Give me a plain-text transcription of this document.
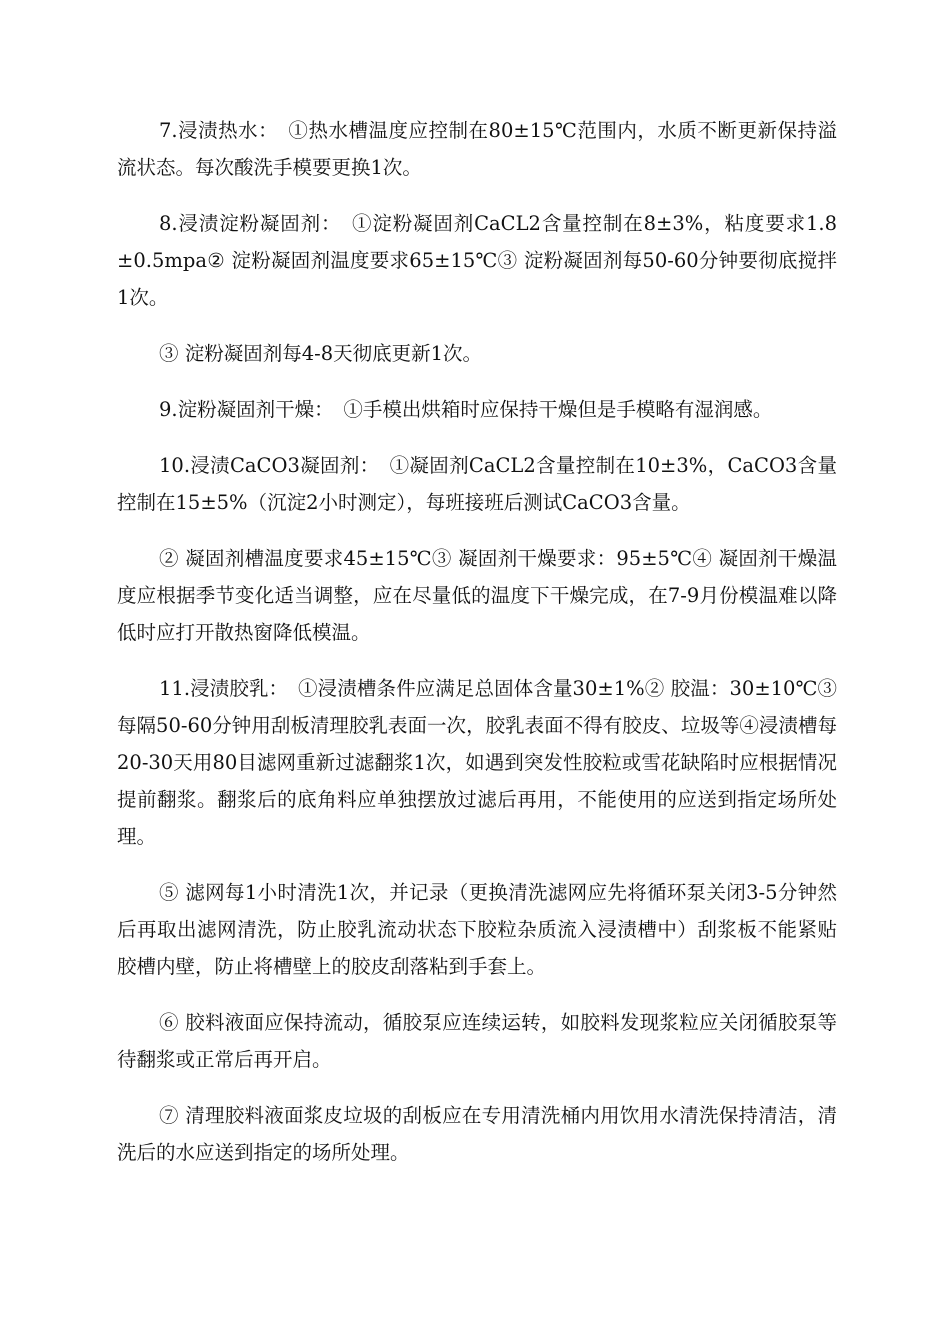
7.浸渍热水：　①热水槽温度应控制在80±15℃范围内，水质不断更新保持溢流状态。每次酸洗手模要更换1次。

8.浸渍淀粉凝固剂：　①淀粉凝固剂CaCL2含量控制在8±3%，粘度要求1.8±0.5mpa② 淀粉凝固剂温度要求65±15℃③ 淀粉凝固剂每50-60分钟要彻底搅拌1次。

③ 淀粉凝固剂每4-8天彻底更新1次。

9.淀粉凝固剂干燥：　①手模出烘箱时应保持干燥但是手模略有湿润感。

10.浸渍CaCO3凝固剂：　①凝固剂CaCL2含量控制在10±3%，CaCO3含量控制在15±5%（沉淀2小时测定），每班接班后测试CaCO3含量。

② 凝固剂槽温度要求45±15℃③ 凝固剂干燥要求：95±5℃④ 凝固剂干燥温度应根据季节变化适当调整，应在尽量低的温度下干燥完成，在7-9月份模温难以降低时应打开散热窗降低模温。

11.浸渍胶乳：　①浸渍槽条件应满足总固体含量30±1%② 胶温：30±10℃③ 每隔50-60分钟用刮板清理胶乳表面一次，胶乳表面不得有胶皮、垃圾等④浸渍槽每20-30天用80目滤网重新过滤翻浆1次，如遇到突发性胶粒或雪花缺陷时应根据情况提前翻浆。翻浆后的底角料应单独摆放过滤后再用，不能使用的应送到指定场所处理。

⑤ 滤网每1小时清洗1次，并记录（更换清洗滤网应先将循环泵关闭3-5分钟然后再取出滤网清洗，防止胶乳流动状态下胶粒杂质流入浸渍槽中）刮浆板不能紧贴胶槽内壁，防止将槽壁上的胶皮刮落粘到手套上。

⑥ 胶料液面应保持流动，循胶泵应连续运转，如胶料发现浆粒应关闭循胶泵等待翻浆或正常后再开启。

⑦ 清理胶料液面浆皮垃圾的刮板应在专用清洗桶内用饮用水清洗保持清洁，清洗后的水应送到指定的场所处理。
